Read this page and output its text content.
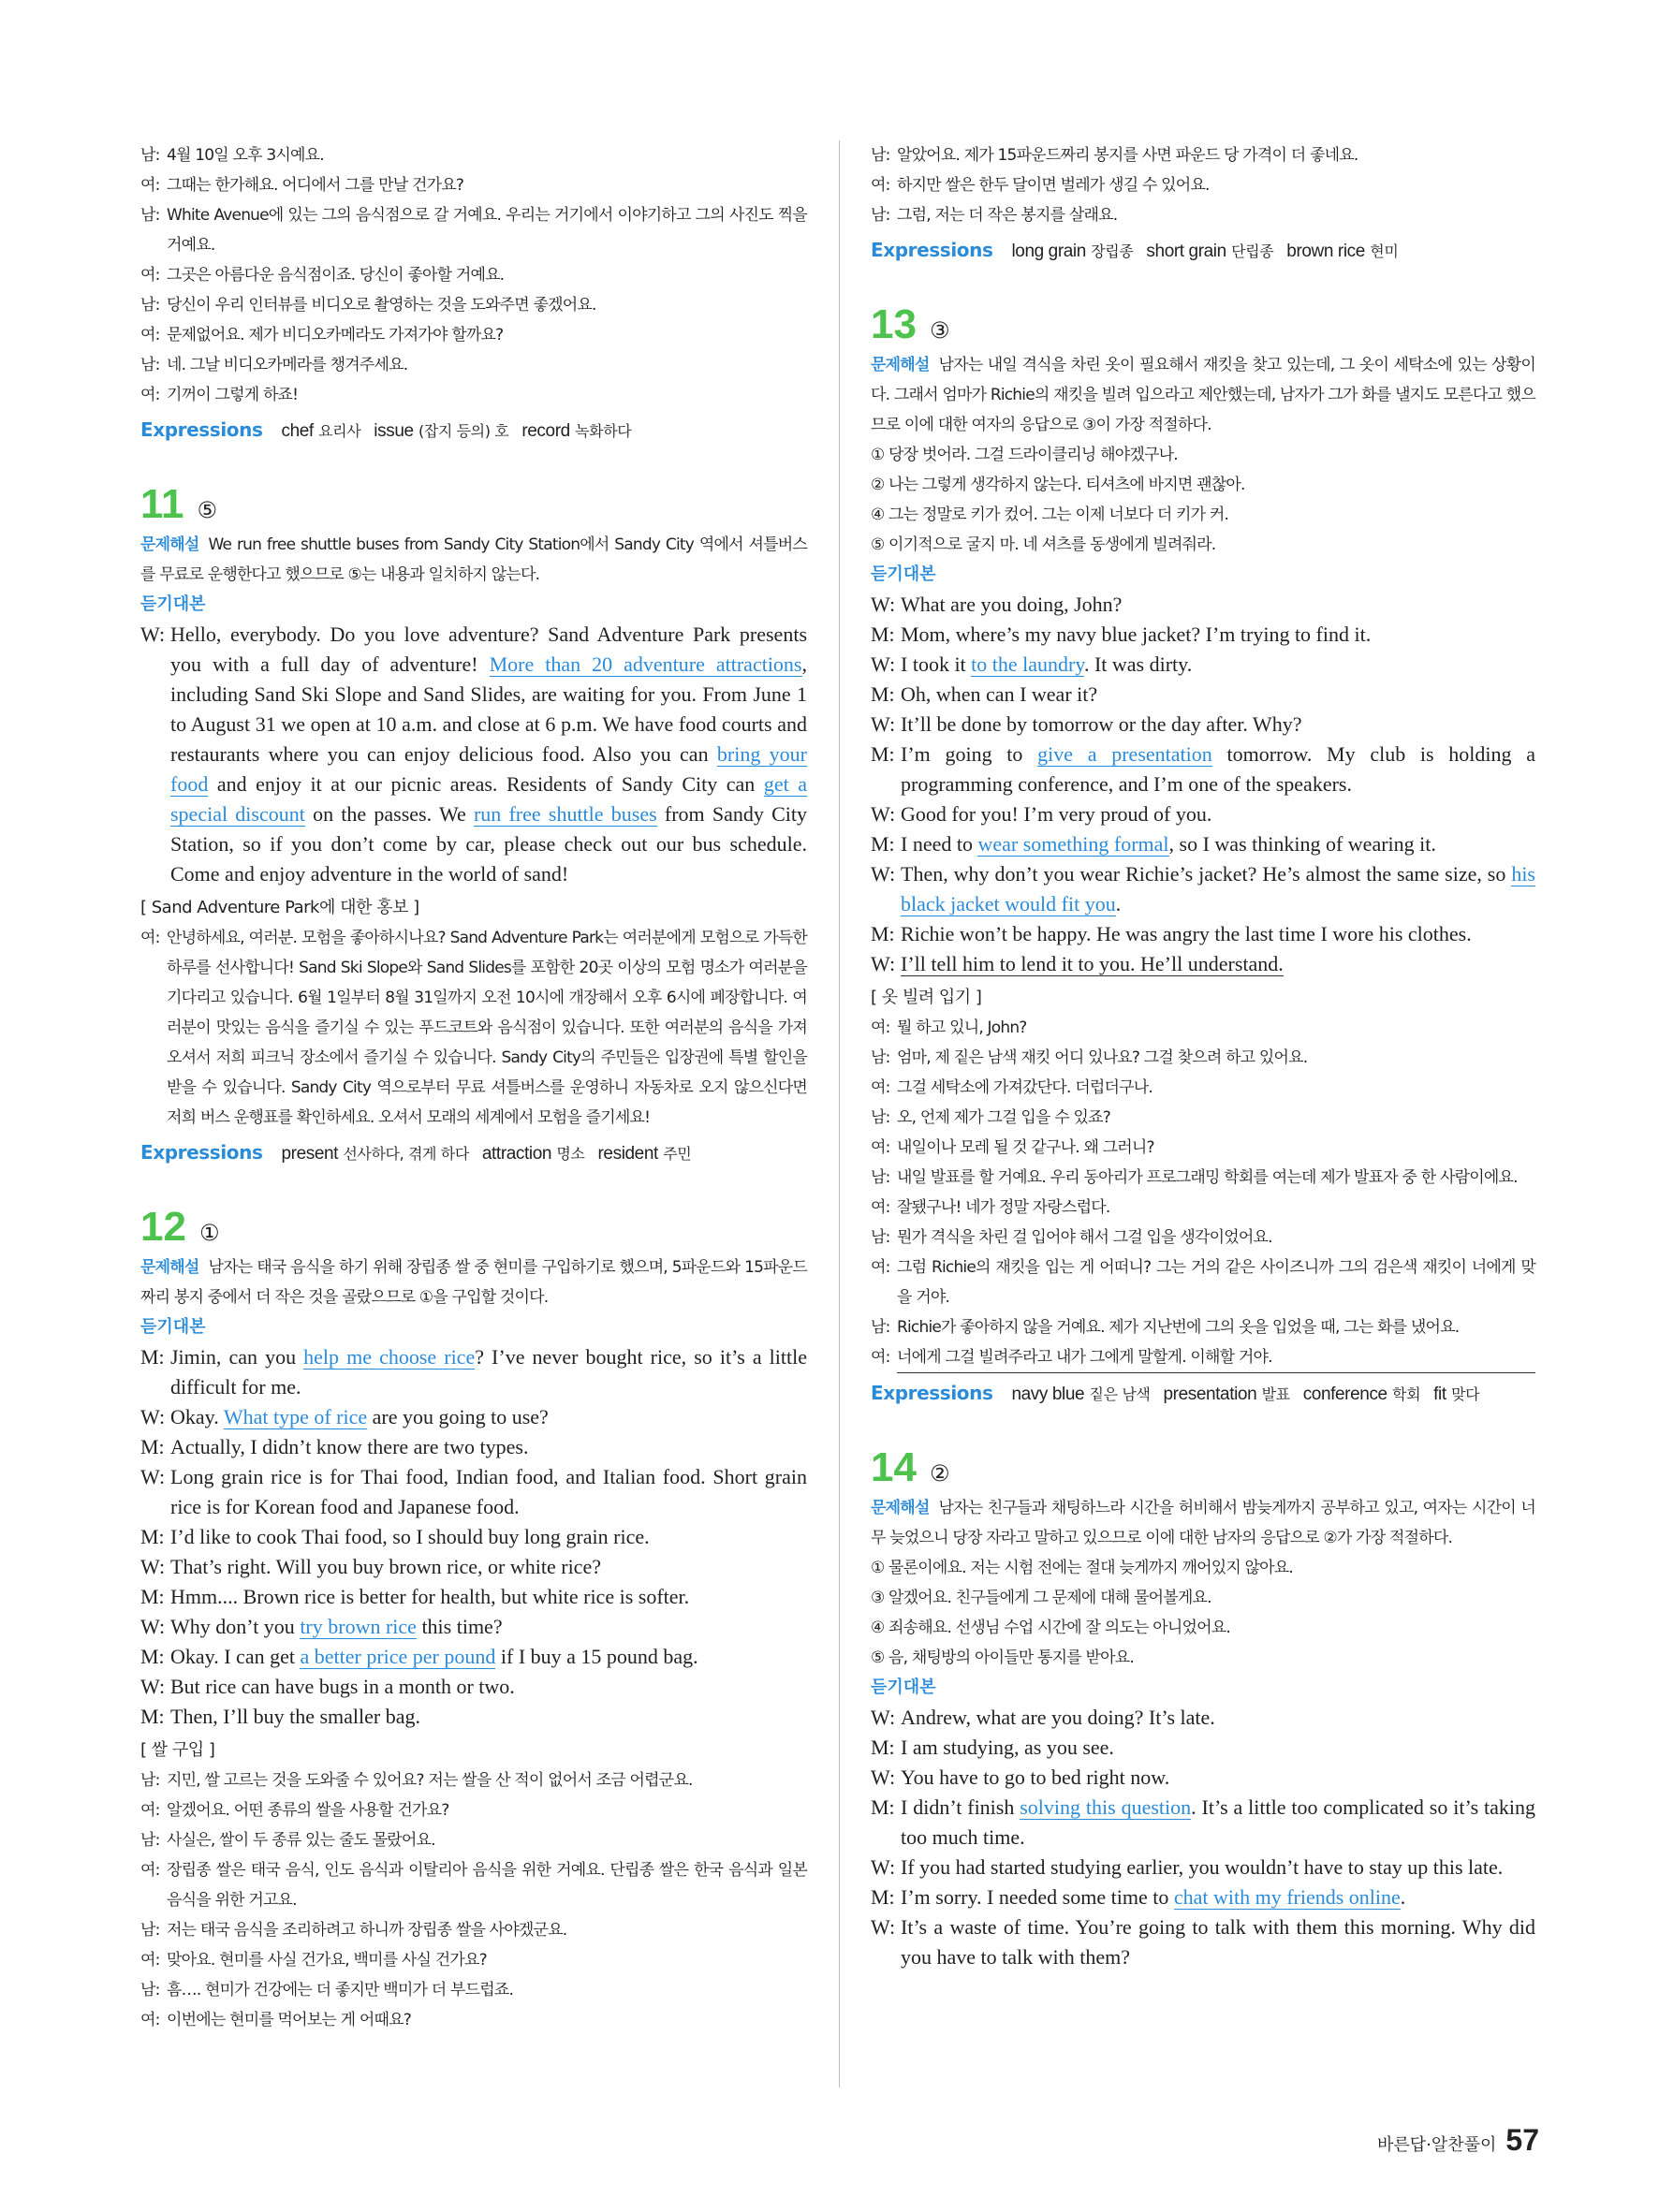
남: 4월 10일 오후 3시예요.
여: 그때는 한가해요. 어디에서 그를 만날 건가요?
남: White Avenue에 있는 그의 음식점으로 갈 거예요. 우리는 거기에서 이야기하고 그의 사진도 찍을 거예요.
여: 그곳은 아름다운 음식점이죠. 당신이 좋아할 거예요.
남: 당신이 우리 인터뷰를 비디오로 촬영하는 것을 도와주면 좋겠어요.
여: 문제없어요. 제가 비디오카메라도 가져가야 할까요?
남: 네. 그날 비디오카메라를 챙겨주세요.
여: 기꺼이 그렇게 하죠!
Expressions chef 요리사 issue (잡지 등의) 호 record 녹화하다
11 ⑤
문제해설 We run free shuttle buses from Sandy City Station에서 Sandy City 역에서 셔틀버스를 무료로 운행한다고 했으므로 ⑤는 내용과 일치하지 않는다.
듣기대본
W: Hello, everybody. Do you love adventure? Sand Adventure Park presents you with a full day of adventure! More than 20 adventure attractions, including Sand Ski Slope and Sand Slides, are waiting for you. From June 1 to August 31 we open at 10 a.m. and close at 6 p.m. We have food courts and restaurants where you can enjoy delicious food. Also you can bring your food and enjoy it at our picnic areas. Residents of Sandy City can get a special discount on the passes. We run free shuttle buses from Sandy City Station, so if you don’t come by car, please check out our bus schedule. Come and enjoy adventure in the world of sand!
[ Sand Adventure Park에 대한 홍보 ]
여: 안녕하세요, 여러분. 모험을 좋아하시나요? Sand Adventure Park는 여러분에게 모험으로 가득한 하루를 선사합니다! Sand Ski Slope와 Sand Slides를 포함한 20곳 이상의 모험 명소가 여러분을 기다리고 있습니다. 6월 1일부터 8월 31일까지 오전 10시에 개장해서 오후 6시에 폐장합니다. 여러분이 맛있는 음식을 즐기실 수 있는 푸드코트와 음식점이 있습니다. 또한 여러분의 음식을 가져오셔서 저희 피크닉 장소에서 즐기실 수 있습니다. Sandy City의 주민들은 입장권에 특별 할인을 받을 수 있습니다. Sandy City 역으로부터 무료 셔틀버스를 운영하니 자동차로 오지 않으신다면 저희 버스 운행표를 확인하세요. 오셔서 모래의 세계에서 모험을 즐기세요!
Expressions present 선사하다, 겪게 하다 attraction 명소 resident 주민
12 ①
문제해설 남자는 태국 음식을 하기 위해 장립종 쌀 중 현미를 구입하기로 했으며, 5파운드와 15파운드짜리 봉지 중에서 더 작은 것을 골랐으므로 ①을 구입할 것이다.
듣기대본
M: Jimin, can you help me choose rice? I’ve never bought rice, so it’s a little difficult for me.
W: Okay. What type of rice are you going to use?
M: Actually, I didn’t know there are two types.
W: Long grain rice is for Thai food, Indian food, and Italian food. Short grain rice is for Korean food and Japanese food.
M: I’d like to cook Thai food, so I should buy long grain rice.
W: That’s right. Will you buy brown rice, or white rice?
M: Hmm.... Brown rice is better for health, but white rice is softer.
W: Why don’t you try brown rice this time?
M: Okay. I can get a better price per pound if I buy a 15 pound bag.
W: But rice can have bugs in a month or two.
M: Then, I’ll buy the smaller bag.
[ 쌀 구입 ]
남: 지민, 쌀 고르는 것을 도와줄 수 있어요? 저는 쌀을 산 적이 없어서 조금 어렵군요.
여: 알겠어요. 어떤 종류의 쌀을 사용할 건가요?
남: 사실은, 쌀이 두 종류 있는 줄도 몰랐어요.
여: 장립종 쌀은 태국 음식, 인도 음식과 이탈리아 음식을 위한 거예요. 단립종 쌀은 한국 음식과 일본 음식을 위한 거고요.
남: 저는 태국 음식을 조리하려고 하니까 장립종 쌀을 사야겠군요.
여: 맞아요. 현미를 사실 건가요, 백미를 사실 건가요?
남: 흠…. 현미가 건강에는 더 좋지만 백미가 더 부드럽죠.
여: 이번에는 현미를 먹어보는 게 어때요?
남: 알았어요. 제가 15파운드짜리 봉지를 사면 파운드 당 가격이 더 좋네요.
여: 하지만 쌀은 한두 달이면 벌레가 생길 수 있어요.
남: 그럼, 저는 더 작은 봉지를 살래요.
Expressions long grain 장립종 short grain 단립종 brown rice 현미
13 ③
문제해설 남자는 내일 격식을 차린 옷이 필요해서 재킷을 찾고 있는데, 그 옷이 세탁소에 있는 상황이다. 그래서 엄마가 Richie의 재킷을 빌려 입으라고 제안했는데, 남자가 그가 화를 낼지도 모른다고 했으므로 이에 대한 여자의 응답으로 ③이 가장 적절하다.
① 당장 벗어라. 그걸 드라이클리닝 해야겠구나.
② 나는 그렇게 생각하지 않는다. 티셔츠에 바지면 괜찮아.
④ 그는 정말로 키가 컸어. 그는 이제 너보다 더 키가 커.
⑤ 이기적으로 굴지 마. 네 셔츠를 동생에게 빌려줘라.
듣기대본
W: What are you doing, John?
M: Mom, where’s my navy blue jacket? I’m trying to find it.
W: I took it to the laundry. It was dirty.
M: Oh, when can I wear it?
W: It’ll be done by tomorrow or the day after. Why?
M: I’m going to give a presentation tomorrow. My club is holding a programming conference, and I’m one of the speakers.
W: Good for you! I’m very proud of you.
M: I need to wear something formal, so I was thinking of wearing it.
W: Then, why don’t you wear Richie’s jacket? He’s almost the same size, so his black jacket would fit you.
M: Richie won’t be happy. He was angry the last time I wore his clothes.
W: I’ll tell him to lend it to you. He’ll understand.
[ 옷 빌려 입기 ]
여: 뭘 하고 있니, John?
남: 엄마, 제 짙은 남색 재킷 어디 있나요? 그걸 찾으려 하고 있어요.
여: 그걸 세탁소에 가져갔단다. 더럽더구나.
남: 오, 언제 제가 그걸 입을 수 있죠?
여: 내일이나 모레 될 것 같구나. 왜 그러니?
남: 내일 발표를 할 거예요. 우리 동아리가 프로그래밍 학회를 여는데 제가 발표자 중 한 사람이에요.
여: 잘됐구나! 네가 정말 자랑스럽다.
남: 뭔가 격식을 차린 걸 입어야 해서 그걸 입을 생각이었어요.
여: 그럼 Richie의 재킷을 입는 게 어떠니? 그는 거의 같은 사이즈니까 그의 검은색 재킷이 너에게 맞을 거야.
남: Richie가 좋아하지 않을 거예요. 제가 지난번에 그의 옷을 입었을 때, 그는 화를 냈어요.
여: 너에게 그걸 빌려주라고 내가 그에게 말할게. 이해할 거야.
Expressions navy blue 짙은 남색 presentation 발표 conference 학회 fit 맞다
14 ②
문제해설 남자는 친구들과 채팅하느라 시간을 허비해서 밤늦게까지 공부하고 있고, 여자는 시간이 너무 늦었으니 당장 자라고 말하고 있으므로 이에 대한 남자의 응답으로 ②가 가장 적절하다.
① 물론이에요. 저는 시험 전에는 절대 늦게까지 깨어있지 않아요.
③ 알겠어요. 친구들에게 그 문제에 대해 물어볼게요.
④ 죄송해요. 선생님 수업 시간에 잘 의도는 아니었어요.
⑤ 음, 채팅방의 아이들만 통지를 받아요.
듣기대본
W: Andrew, what are you doing? It’s late.
M: I am studying, as you see.
W: You have to go to bed right now.
M: I didn’t finish solving this question. It’s a little too complicated so it’s taking too much time.
W: If you had started studying earlier, you wouldn’t have to stay up this late.
M: I’m sorry. I needed some time to chat with my friends online.
W: It’s a waste of time. You’re going to talk with them this morning. Why did you have to talk with them?
바른답·알찬풀이 57
